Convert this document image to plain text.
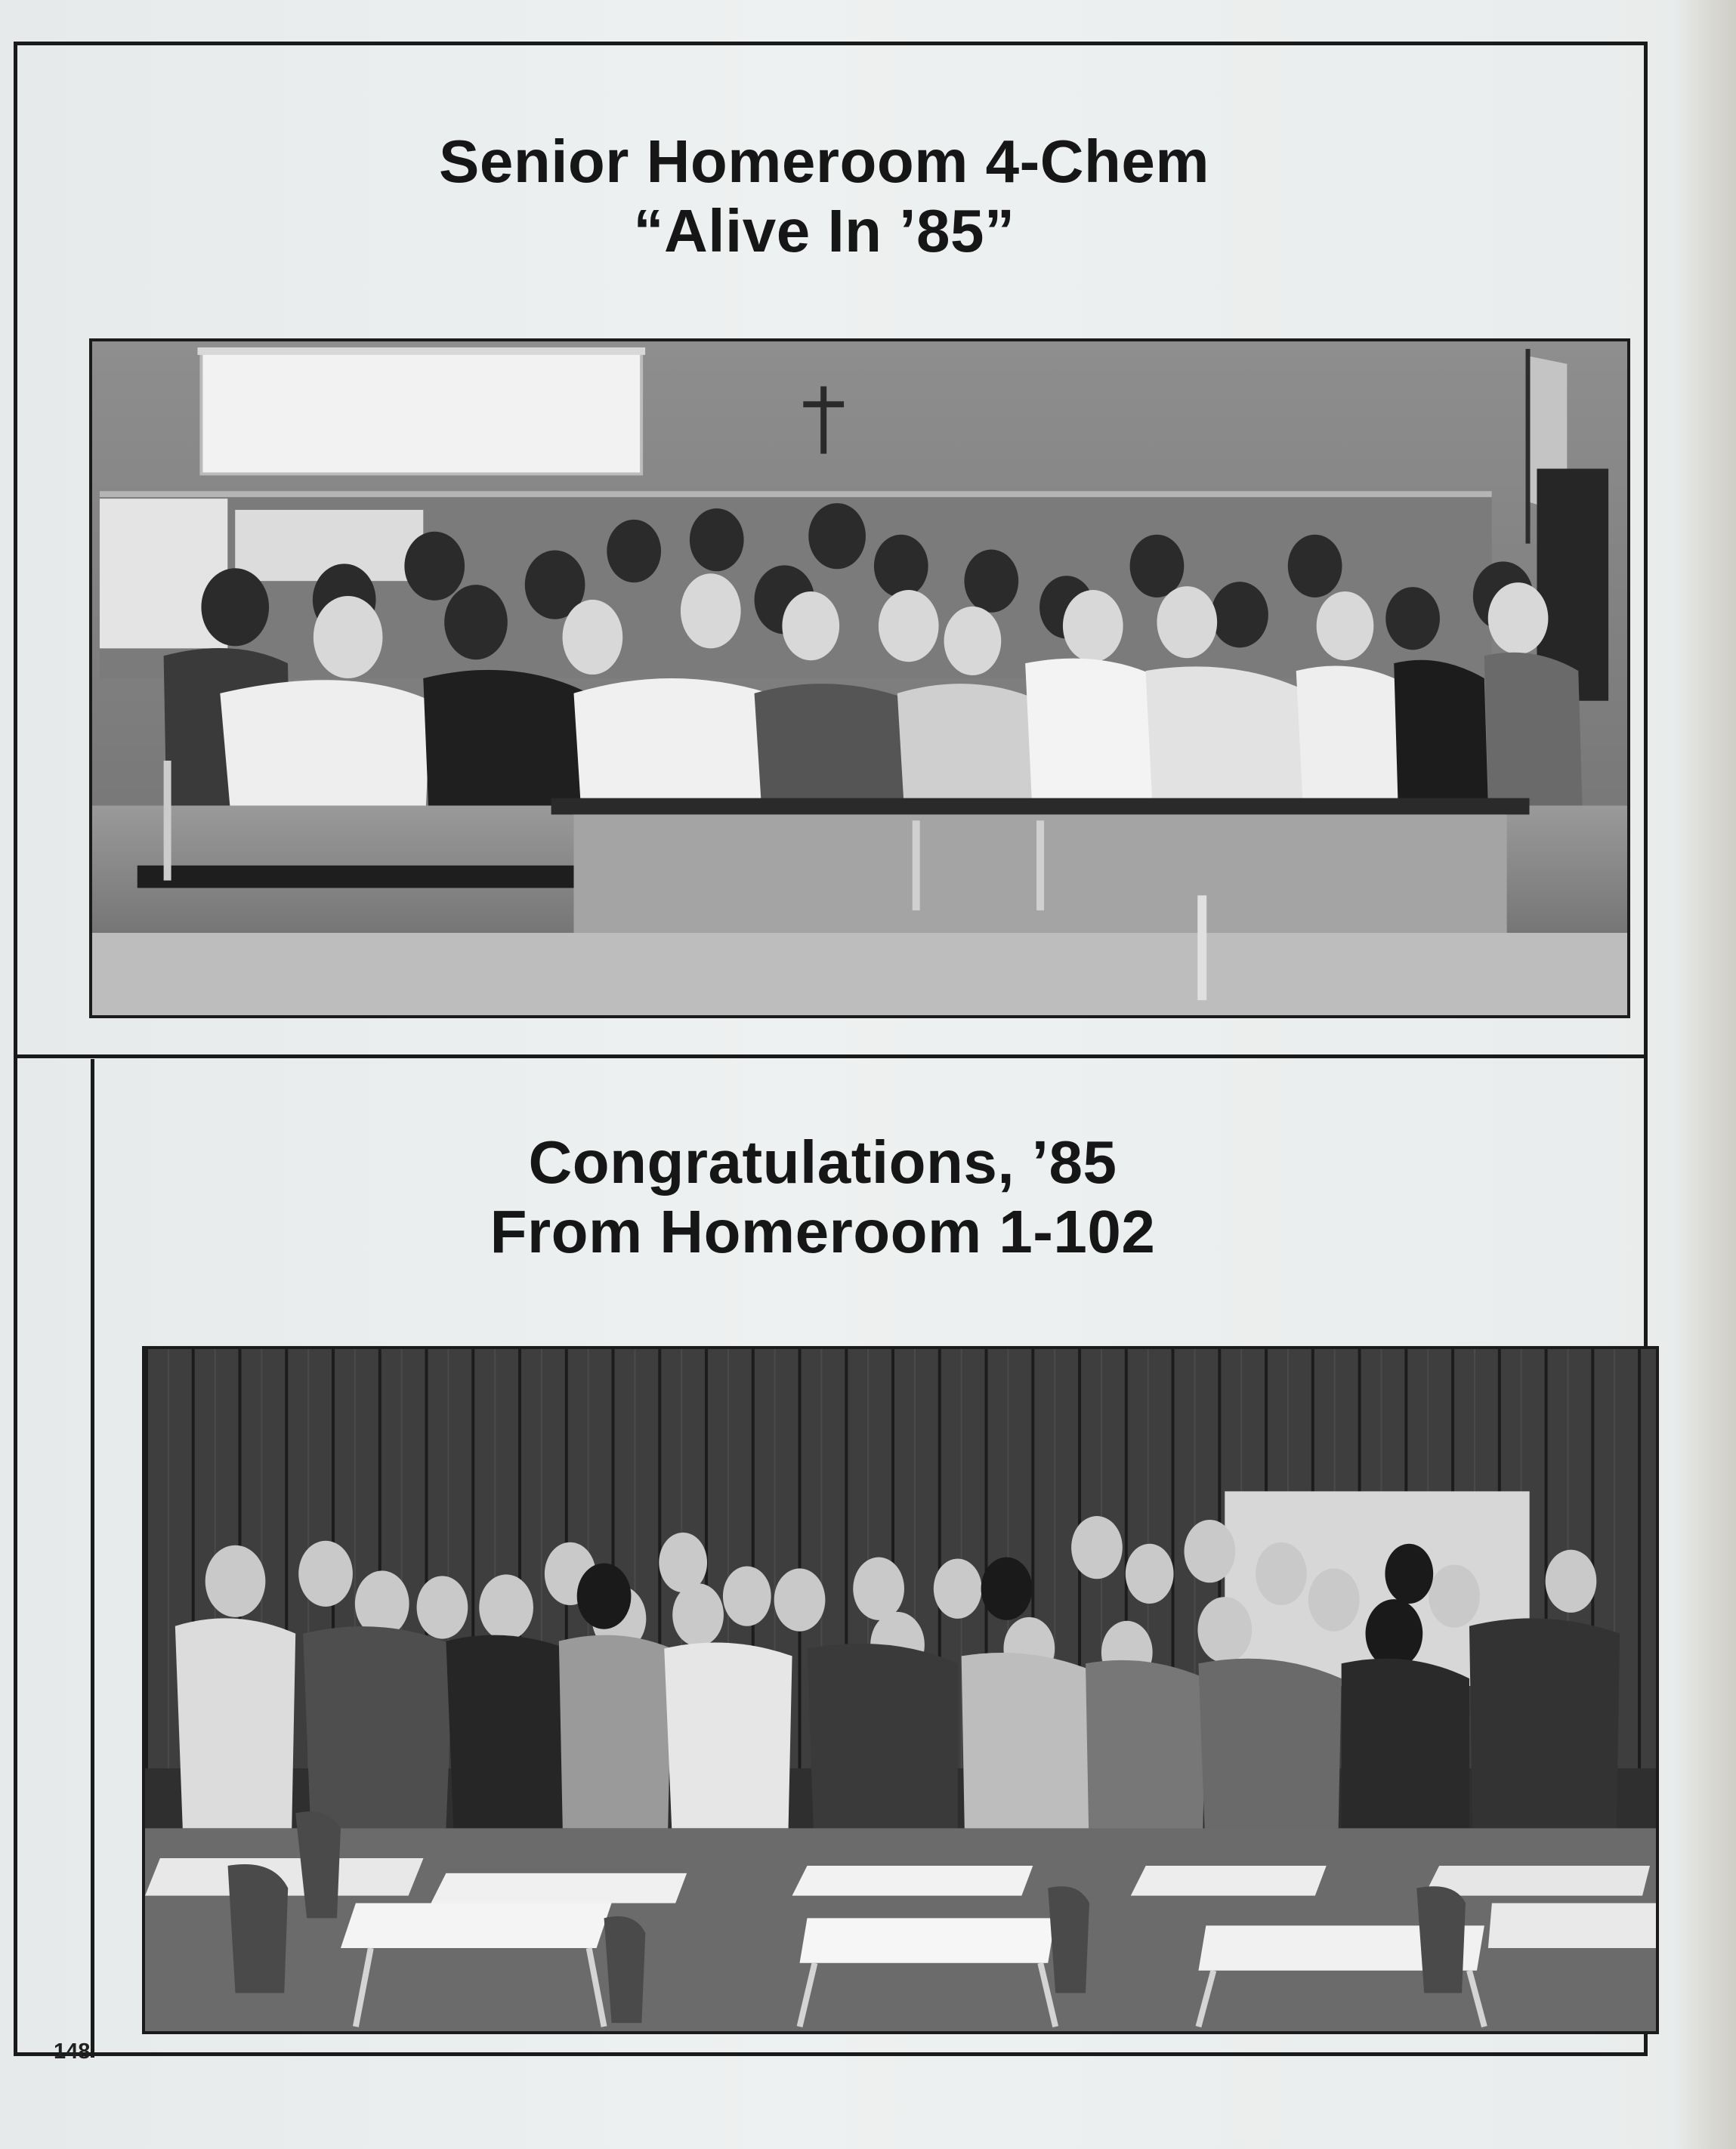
Senior Homeroom 4-Chem
“Alive In ’85”
Congratulations, ’85
From Homeroom 1-102
148
